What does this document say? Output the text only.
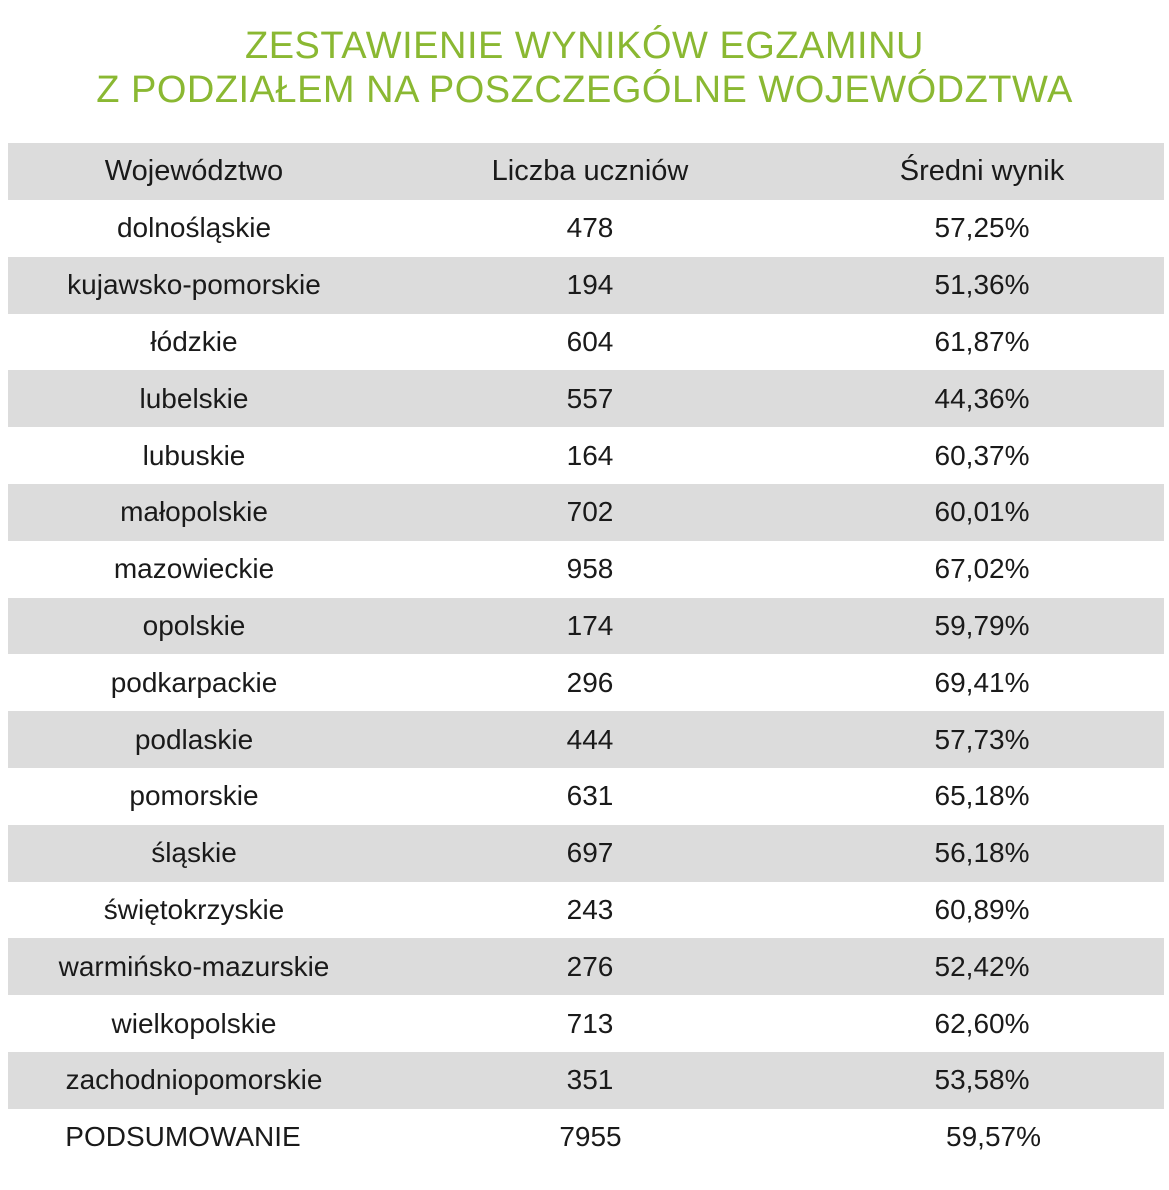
ZESTAWIENIE WYNIKÓW EGZAMINU
Z PODZIAŁEM NA POSZCZEGÓLNE WOJEWÓDZTWA
Województwo	Liczba uczniów	Średni wynik
dolnośląskie	478	57,25%
kujawsko-pomorskie	194	51,36%
łódzkie	604	61,87%
lubelskie	557	44,36%
lubuskie	164	60,37%
małopolskie	702	60,01%
mazowieckie	958	67,02%
opolskie	174	59,79%
podkarpackie	296	69,41%
podlaskie	444	57,73%
pomorskie	631	65,18%
śląskie	697	56,18%
świętokrzyskie	243	60,89%
warmińsko-mazurskie	276	52,42%
wielkopolskie	713	62,60%
zachodniopomorskie	351	53,58%
PODSUMOWANIE	7955	59,57%
